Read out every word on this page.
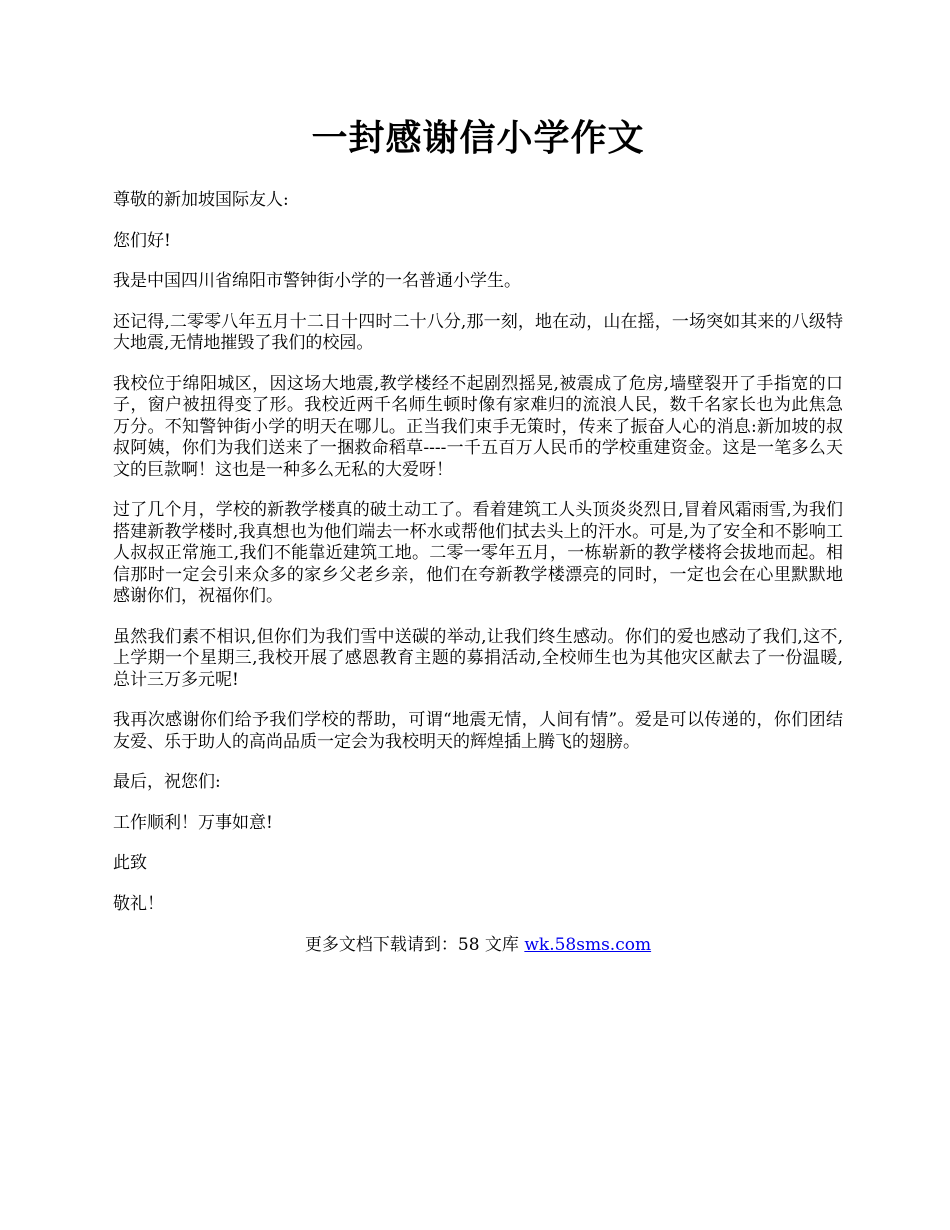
一封感谢信小学作文

尊敬的新加坡国际友人:

您们好!

我是中国四川省绵阳市警钟街小学的一名普通小学生。

还记得,二零零八年五月十二日十四时二十八分,那一刻，地在动，山在摇，一场突如其来的八级特大地震,无情地摧毁了我们的校园。

我校位于绵阳城区，因这场大地震,教学楼经不起剧烈摇晃,被震成了危房,墙壁裂开了手指宽的口子，窗户被扭得变了形。我校近两千名师生顿时像有家难归的流浪人民，数千名家长也为此焦急万分。不知警钟街小学的明天在哪儿。正当我们束手无策时，传来了振奋人心的消息:新加坡的叔叔阿姨，你们为我们送来了一捆救命稻草----一千五百万人民币的学校重建资金。这是一笔多么天文的巨款啊！这也是一种多么无私的大爱呀！

过了几个月，学校的新教学楼真的破土动工了。看着建筑工人头顶炎炎烈日,冒着风霜雨雪,为我们搭建新教学楼时,我真想也为他们端去一杯水或帮他们拭去头上的汗水。可是,为了安全和不影响工人叔叔正常施工,我们不能靠近建筑工地。二零一零年五月，一栋崭新的教学楼将会拔地而起。相信那时一定会引来众多的家乡父老乡亲，他们在夸新教学楼漂亮的同时，一定也会在心里默默地感谢你们，祝福你们。

虽然我们素不相识,但你们为我们雪中送碳的举动,让我们终生感动。你们的爱也感动了我们,这不,上学期一个星期三,我校开展了感恩教育主题的募捐活动,全校师生也为其他灾区献去了一份温暖,总计三万多元呢!

我再次感谢你们给予我们学校的帮助，可谓“地震无情，人间有情”。爱是可以传递的，你们团结友爱、乐于助人的高尚品质一定会为我校明天的辉煌插上腾飞的翅膀。

最后，祝您们:

工作顺利！万事如意!

此致

敬礼！

更多文档下载请到：58 文库 wk.58sms.com
